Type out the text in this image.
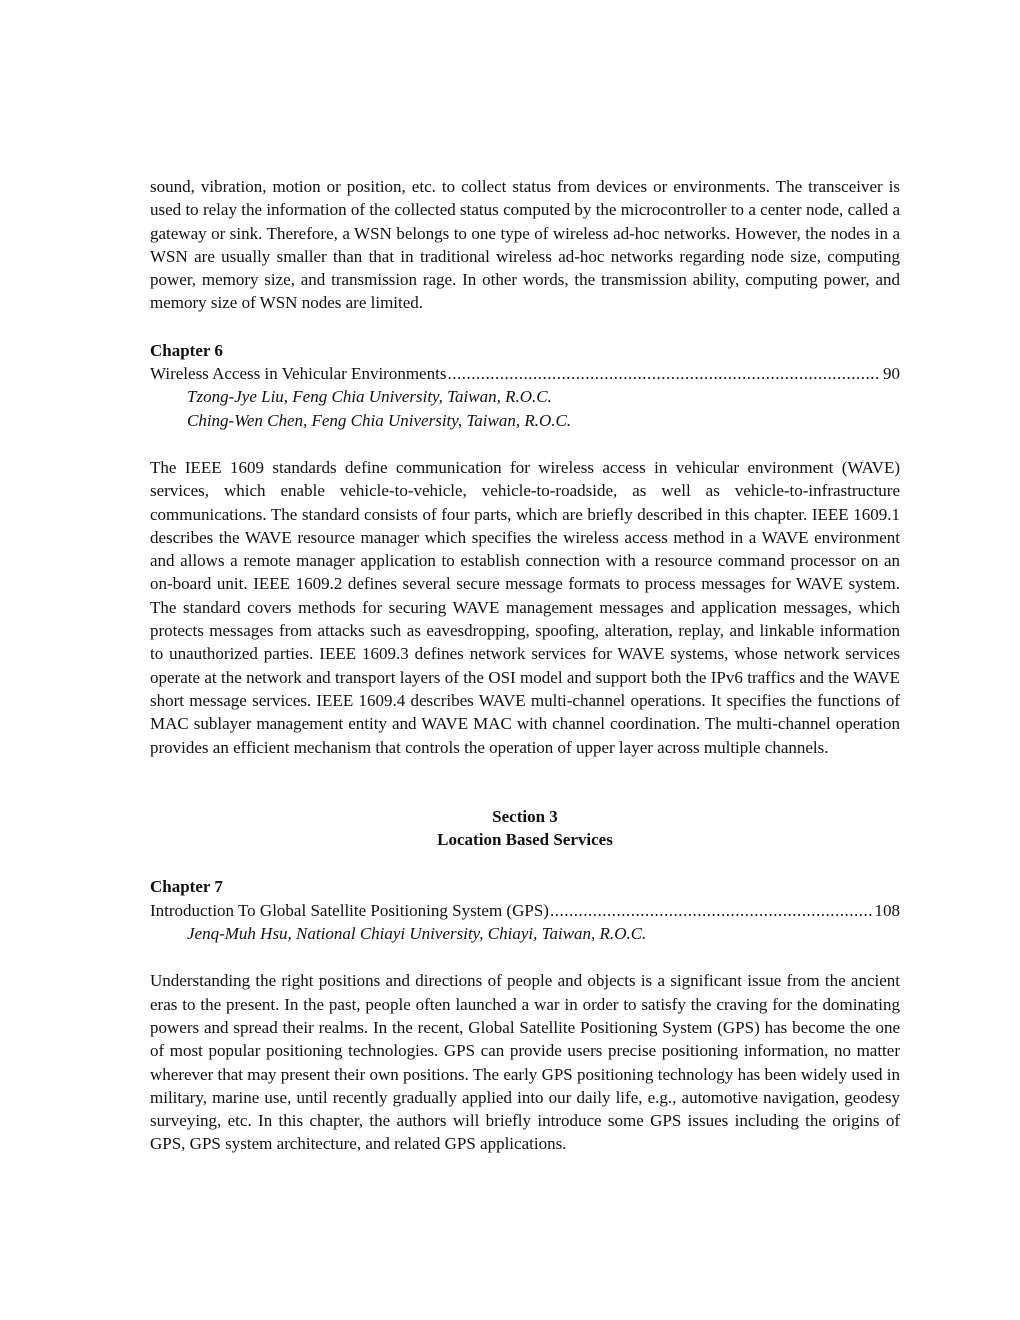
sound, vibration, motion or position, etc. to collect status from devices or environments. The transceiver is used to relay the information of the collected status computed by the microcontroller to a center node, called a gateway or sink. Therefore, a WSN belongs to one type of wireless ad-hoc networks. However, the nodes in a WSN are usually smaller than that in traditional wireless ad-hoc networks regarding node size, computing power, memory size, and transmission rage. In other words, the transmission ability, computing power, and memory size of WSN nodes are limited.

Chapter 6

Wireless Access in Vehicular Environments .....	90

Tzong-Jye Liu, Feng Chia University, Taiwan, R.O.C.

Ching-Wen Chen, Feng Chia University, Taiwan, R.O.C.

The IEEE 1609 standards define communication for wireless access in vehicular environment (WAVE) services, which enable vehicle-to-vehicle, vehicle-to-roadside, as well as vehicle-to-infrastructure communications. The standard consists of four parts, which are briefly described in this chapter. IEEE 1609.1 describes the WAVE resource manager which specifies the wireless access method in a WAVE environment and allows a remote manager application to establish connection with a resource command processor on an on-board unit. IEEE 1609.2 defines several secure message formats to process messages for WAVE system. The standard covers methods for securing WAVE management messages and application messages, which protects messages from attacks such as eavesdropping, spoofing, alteration, replay, and linkable information to unauthorized parties. IEEE 1609.3 defines network services for WAVE systems, whose network services operate at the network and transport layers of the OSI model and support both the IPv6 traffics and the WAVE short message services. IEEE 1609.4 describes WAVE multi-channel operations. It specifies the functions of MAC sublayer management entity and WAVE MAC with channel coordination. The multi-channel operation provides an efficient mechanism that controls the operation of upper layer across multiple channels.

Section 3

Location Based Services

Chapter 7

Introduction To Global Satellite Positioning System (GPS) .....	108

Jenq-Muh Hsu, National Chiayi University, Chiayi, Taiwan, R.O.C.

Understanding the right positions and directions of people and objects is a significant issue from the ancient eras to the present. In the past, people often launched a war in order to satisfy the craving for the dominating powers and spread their realms. In the recent, Global Satellite Positioning System (GPS) has become the one of most popular positioning technologies. GPS can provide users precise positioning information, no matter wherever that may present their own positions. The early GPS positioning technology has been widely used in military, marine use, until recently gradually applied into our daily life, e.g., automotive navigation, geodesy surveying, etc. In this chapter, the authors will briefly introduce some GPS issues including the origins of GPS, GPS system architecture, and related GPS applications.
